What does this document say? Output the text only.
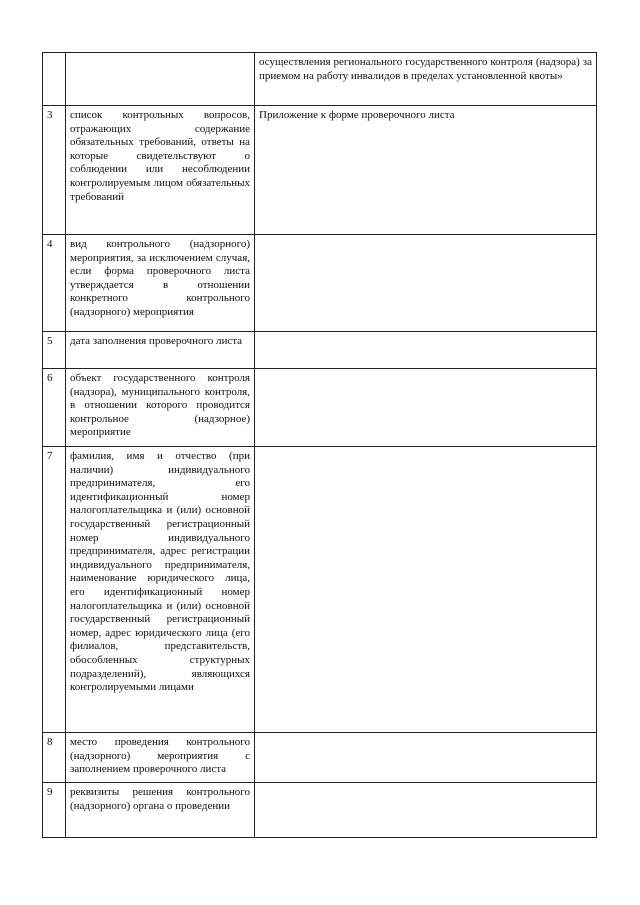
		осуществления регионального государственного контроля (надзора) за приемом на работу инвалидов в пределах установленной квоты»
3	список контрольных вопросов, отражающих содержание обязательных требований, ответы на которые свидетельствуют о соблюдении или несоблюдении контролируемым лицом обязательных требований	Приложение к форме проверочного листа
4	вид контрольного (надзорного) мероприятия, за исключением случая, если форма проверочного листа утверждается в отношении конкретного контрольного (надзорного) мероприятия	
5	дата заполнения проверочного листа	
6	объект государственного контроля (надзора), муниципального контроля, в отношении которого проводится контрольное (надзорное) мероприятие	
7	фамилия, имя и отчество (при наличии) индивидуального предпринимателя, его идентификационный номер налогоплательщика и (или) основной государственный регистрационный номер индивидуального предпринимателя, адрес регистрации индивидуального предпринимателя, наименование юридического лица, его идентификационный номер налогоплательщика и (или) основной государственный регистрационный номер, адрес юридического лица (его филиалов, представительств, обособленных структурных подразделений), являющихся контролируемыми лицами	
8	место проведения контрольного (надзорного) мероприятия с заполнением проверочного листа	
9	реквизиты решения контрольного (надзорного) органа о проведении	
